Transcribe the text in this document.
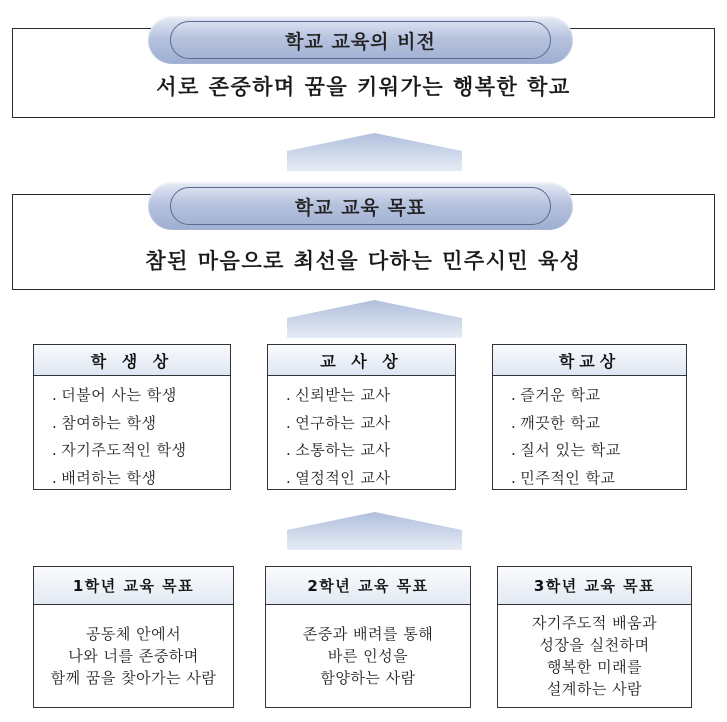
서로 존중하며 꿈을 키워가는 행복한 학교
학교 교육의 비전
참된 마음으로 최선을 다하는 민주시민 육성
학교 교육 목표
학 생 상
. 더불어 사는 학생
. 참여하는 학생
. 자기주도적인 학생
. 배려하는 학생
교 사 상
. 신뢰받는 교사
. 연구하는 교사
. 소통하는 교사
. 열정적인 교사
학교상
. 즐거운 학교
. 깨끗한 학교
. 질서 있는 학교
. 민주적인 학교
1학년 교육 목표
공동체 안에서
나와 너를 존중하며
함께 꿈을 찾아가는 사람
2학년 교육 목표
존중과 배려를 통해
바른 인성을
함양하는 사람
3학년 교육 목표
자기주도적 배움과
성장을 실천하며
행복한 미래를
설계하는 사람
